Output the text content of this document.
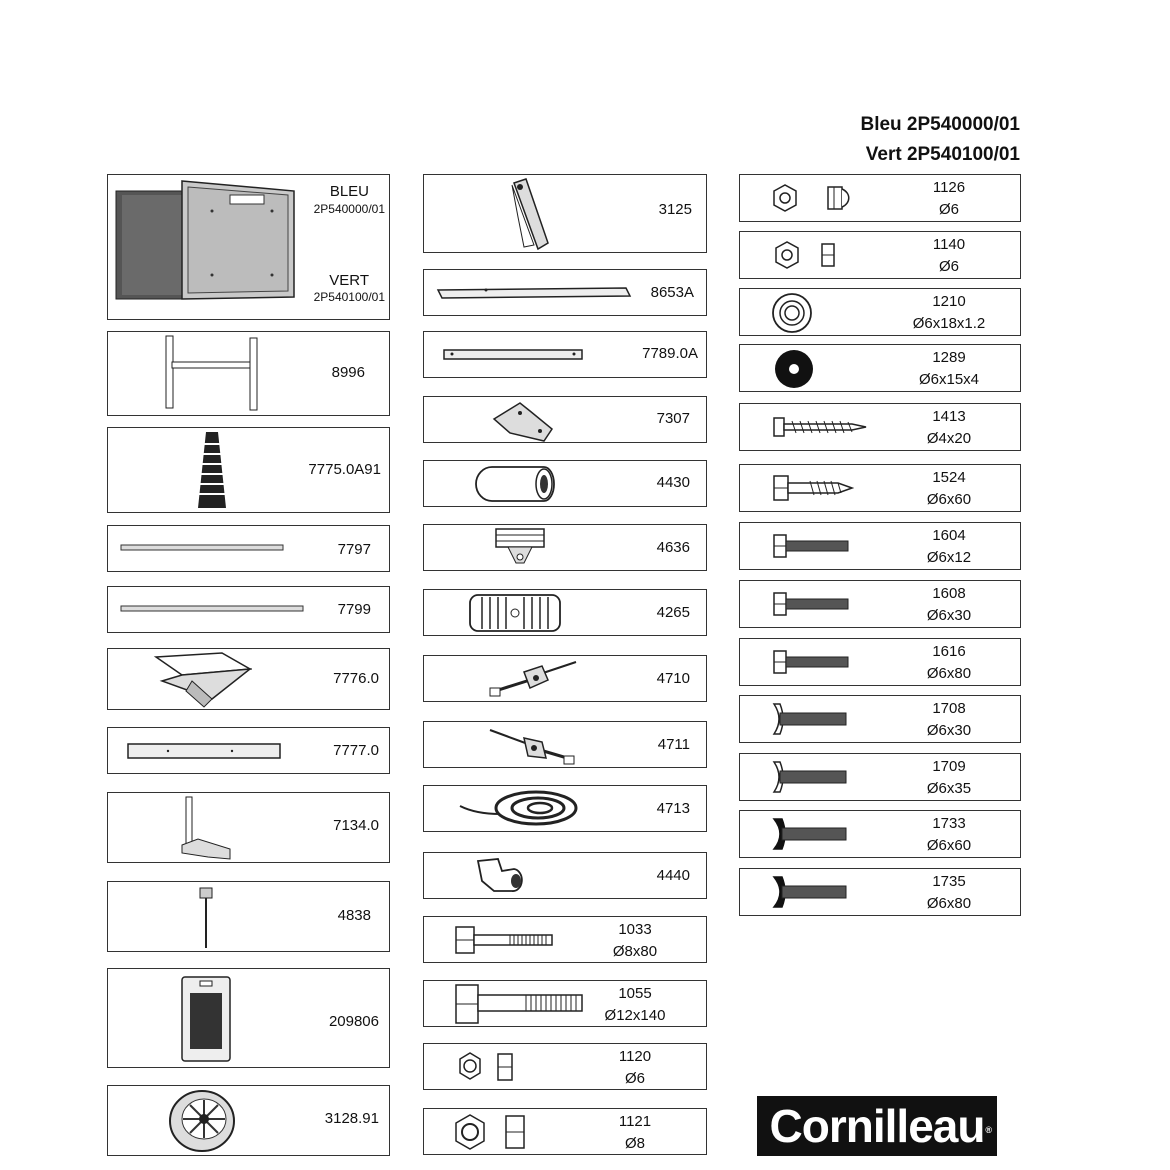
Bleu 2P540000/01
Vert 2P540100/01
BLEU
2P540000/01
VERT
2P540100/01
8996
7775.0A91
7797
7799
7776.0
7777.0
7134.0
4838
209806
3128.91
3125
8653A
7789.0A
7307
4430
4636
4265
4710
4711
4713
4440
1033
Ø8x80
1055
Ø12x140
1120
Ø6
1121
Ø8
1126
Ø6
1140
Ø6
1210
Ø6x18x1.2
1289
Ø6x15x4
1413
Ø4x20
1524
Ø6x60
1604
Ø6x12
1608
Ø6x30
1616
Ø6x80
1708
Ø6x30
1709
Ø6x35
1733
Ø6x60
1735
Ø6x80
Cornilleau ®
